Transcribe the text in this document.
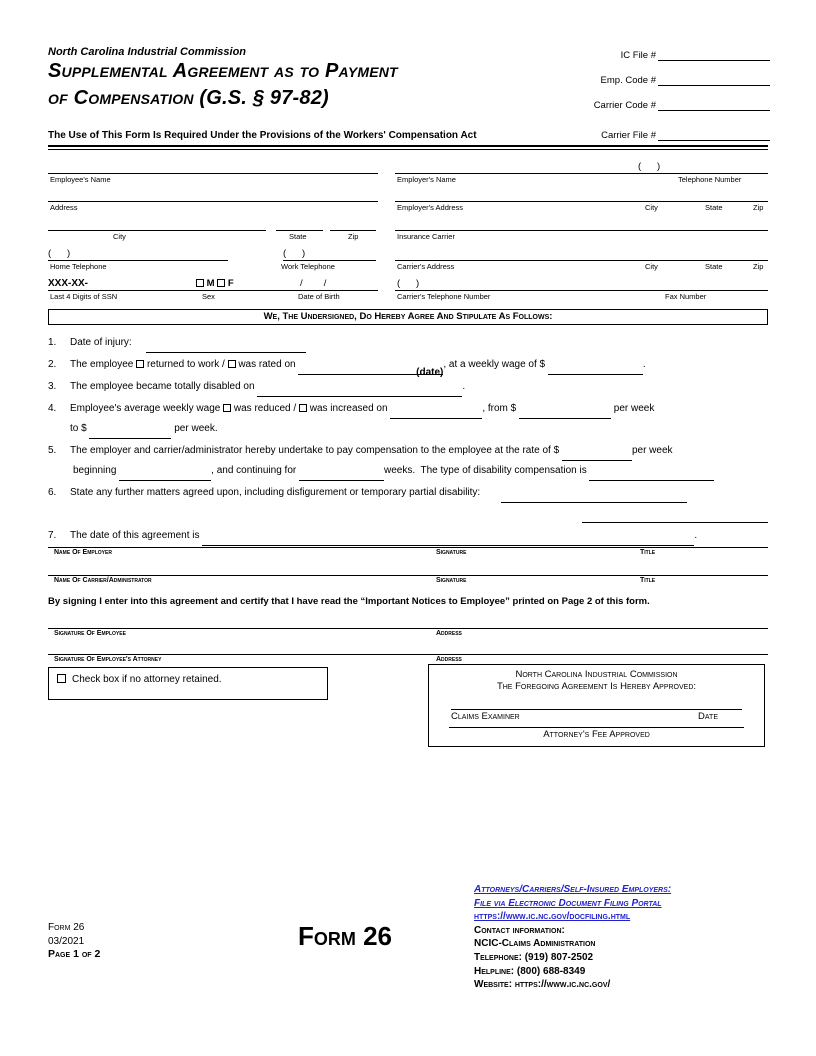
North Carolina Industrial Commission
Supplemental Agreement as to Payment
of Compensation (G.S. § 97-82)
IC File #
Emp. Code #
Carrier Code #
The Use of This Form Is Required Under the Provisions of the Workers' Compensation Act	Carrier File #
Employee's Name
Address
City	State	Zip
(      )	(      )
Home Telephone	Work Telephone
XXX-XX-	M F	/        /
Last 4 Digits of SSN	Sex	Date of Birth
(      )
Employer's Name	Telephone Number
Employer's Address	City	State	Zip
Insurance Carrier
Carrier's Address	City	State	Zip
(      )
Carrier's Telephone Number	Fax Number
We, The Undersigned, Do Hereby Agree And Stipulate As Follows:
1.	Date of injury:
2.	The employee returned to work / was rated on (date), at a weekly wage of $	.
3.	The employee became totally disabled on	.
4.	Employee's average weekly wage was reduced / was increased on	, from $	per week
to $	per week.
5.	The employer and carrier/administrator hereby undertake to pay compensation to the employee at the rate of $	per week
beginning	, and continuing for	weeks.  The type of disability compensation is
6.	State any further matters agreed upon, including disfigurement or temporary partial disability:
7.	The date of this agreement is	.
Name Of Employer	Signature	Title
Name Of Carrier/Administrator	Signature	Title
By signing I enter into this agreement and certify that I have read the “Important Notices to Employee” printed on Page 2 of this form.
Signature Of Employee	Address
Signature Of Employee's Attorney	Address
Check box if no attorney retained.	North Carolina Industrial Commission
The Foregoing Agreement Is Hereby Approved:
Claims Examiner	Date
Attorney's Fee Approved
Form 26
03/2021
Page 1 of 2
Form 26
Attorneys/Carriers/Self-Insured Employers:
File via Electronic Document Filing Portal
https://www.ic.nc.gov/docfiling.html
Contact information:
NCIC-Claims Administration
Telephone: (919) 807-2502
Helpline: (800) 688-8349
Website: https://www.ic.nc.gov/
